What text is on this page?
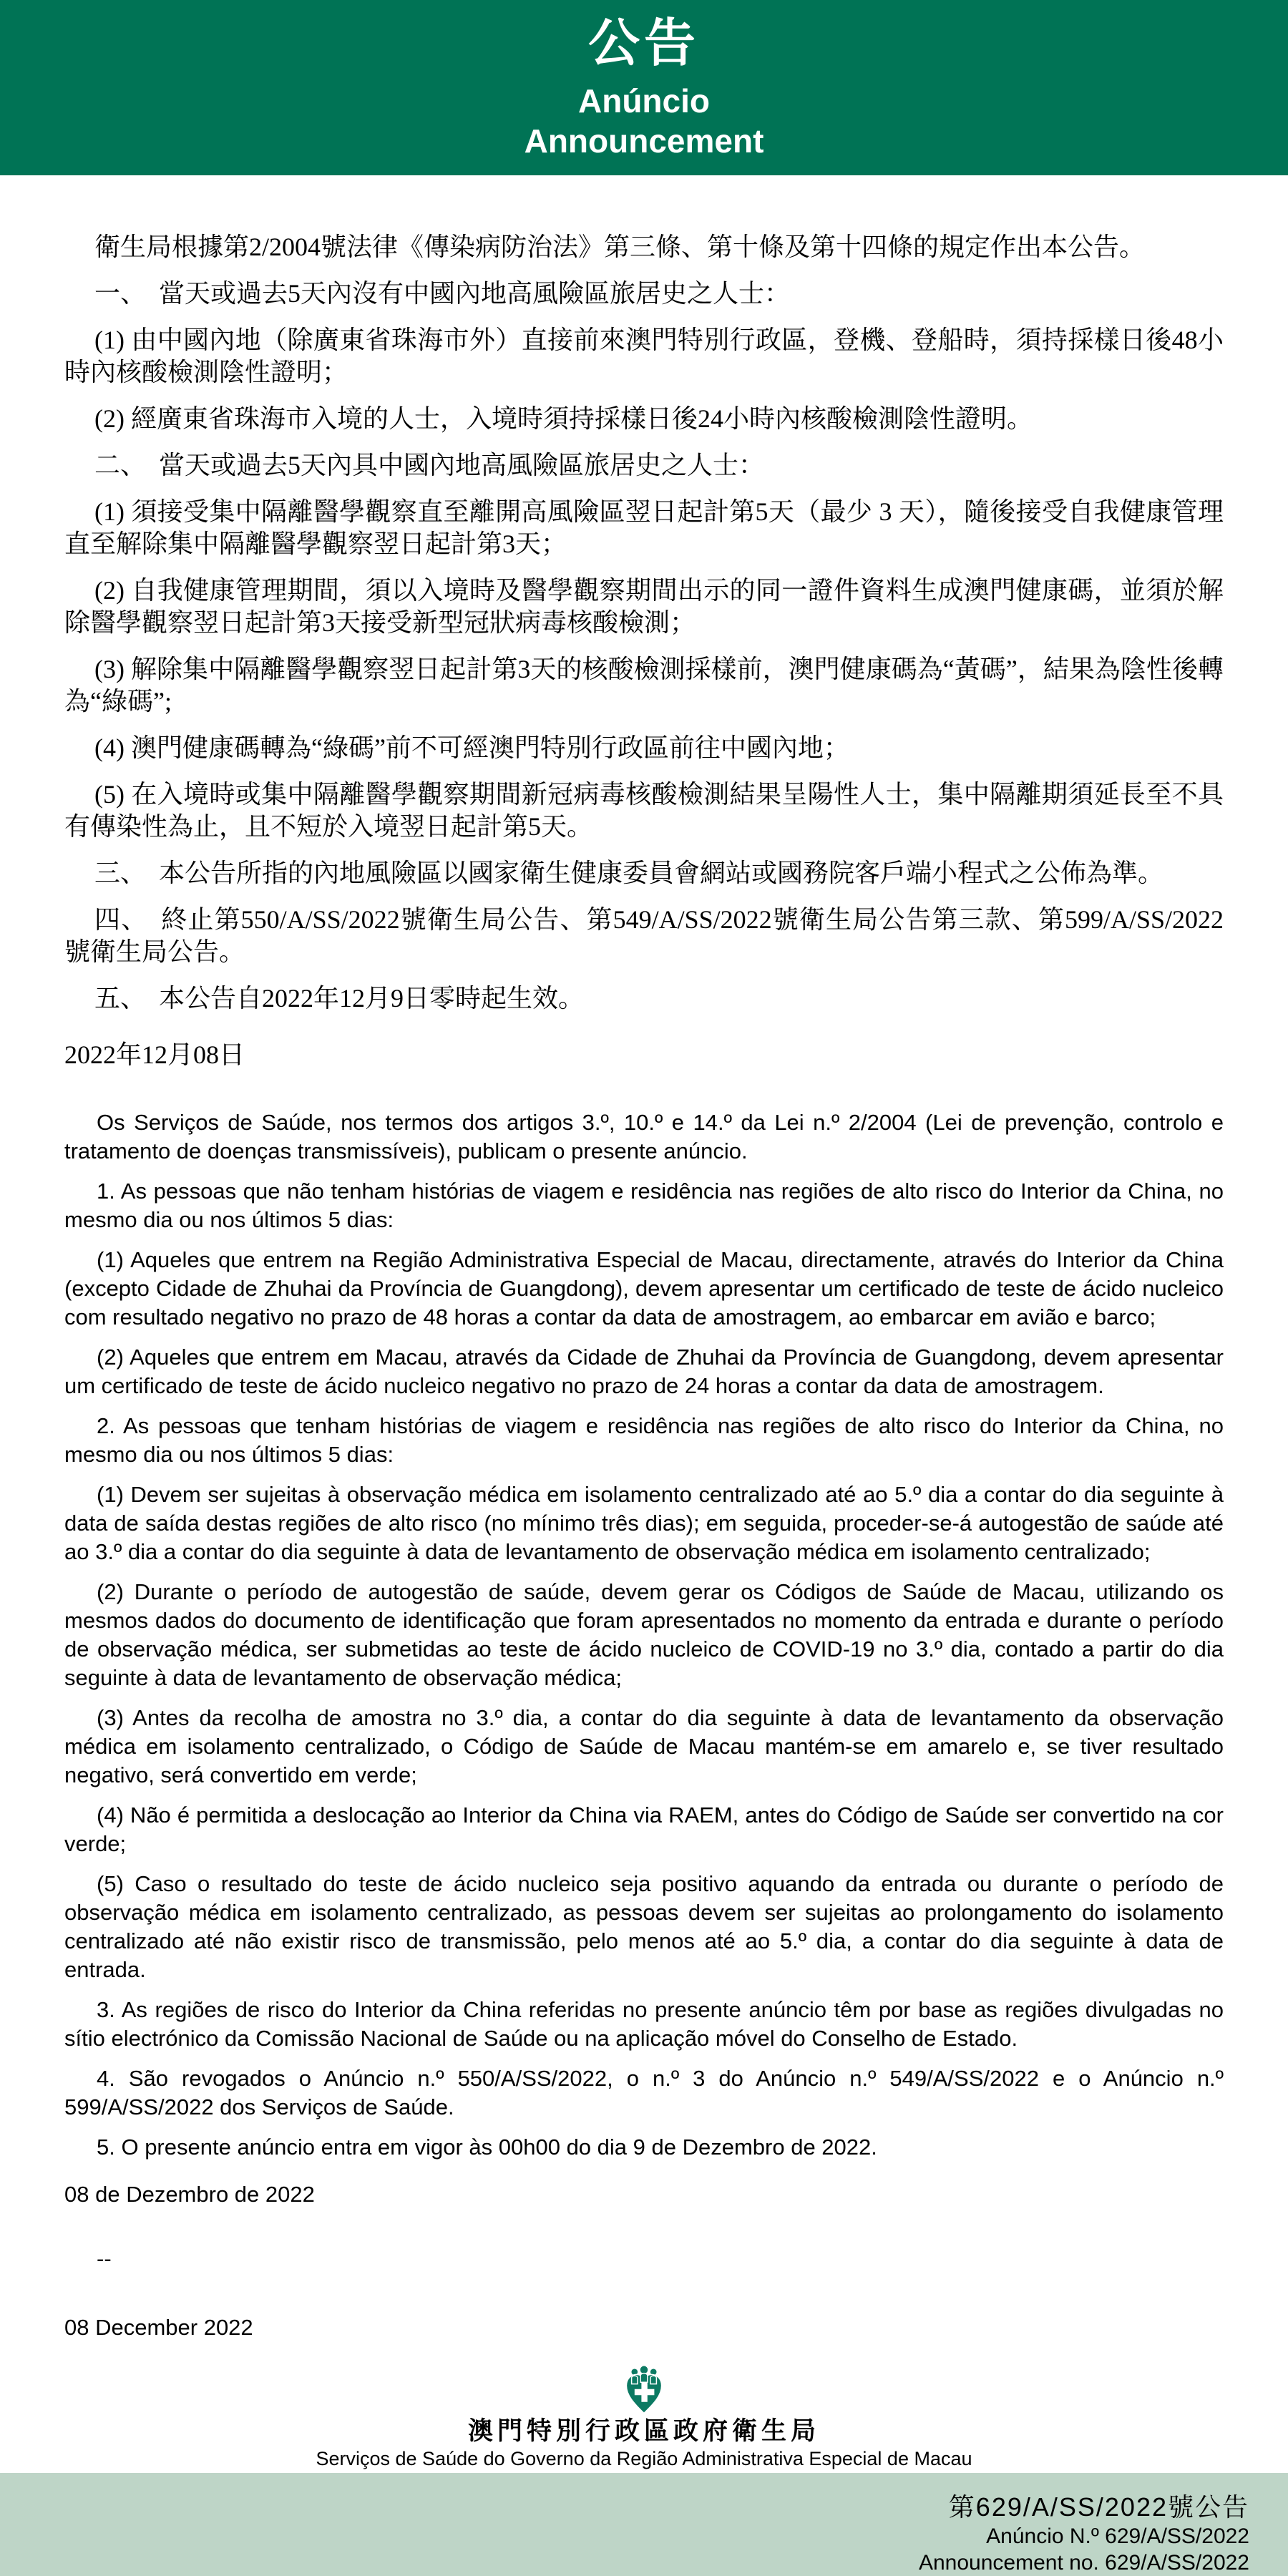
公告
Anúncio
Announcement

衛生局根據第2/2004號法律《傳染病防治法》第三條、第十條及第十四條的規定作出本公告。

一、　當天或過去5天內沒有中國內地高風險區旅居史之人士：

(1) 由中國內地（除廣東省珠海市外）直接前來澳門特別行政區，登機、登船時，須持採樣日後48小時內核酸檢測陰性證明；

(2) 經廣東省珠海市入境的人士，入境時須持採樣日後24小時內核酸檢測陰性證明。

二、　當天或過去5天內具中國內地高風險區旅居史之人士：

(1) 須接受集中隔離醫學觀察直至離開高風險區翌日起計第5天（最少 3 天），隨後接受自我健康管理直至解除集中隔離醫學觀察翌日起計第3天；

(2) 自我健康管理期間，須以入境時及醫學觀察期間出示的同一證件資料生成澳門健康碼，並須於解除醫學觀察翌日起計第3天接受新型冠狀病毒核酸檢測；

(3) 解除集中隔離醫學觀察翌日起計第3天的核酸檢測採樣前，澳門健康碼為“黃碼”，結果為陰性後轉為“綠碼”;

(4) 澳門健康碼轉為“綠碼”前不可經澳門特別行政區前往中國內地；

(5) 在入境時或集中隔離醫學觀察期間新冠病毒核酸檢測結果呈陽性人士，集中隔離期須延長至不具有傳染性為止，且不短於入境翌日起計第5天。

三、　本公告所指的內地風險區以國家衛生健康委員會網站或國務院客戶端小程式之公佈為準。

四、　終止第550/A/SS/2022號衛生局公告、第549/A/SS/2022號衛生局公告第三款、第599/A/SS/2022號衛生局公告。

五、　本公告自2022年12月9日零時起生效。

2022年12月08日

Os Serviços de Saúde, nos termos dos artigos 3.º, 10.º e 14.º da Lei n.º 2/2004 (Lei de prevenção, controlo e tratamento de doenças transmissíveis), publicam o presente anúncio.

1. As pessoas que não tenham histórias de viagem e residência nas regiões de alto risco do Interior da China, no mesmo dia ou nos últimos 5 dias:

(1) Aqueles que entrem na Região Administrativa Especial de Macau, directamente, através do Interior da China (excepto Cidade de Zhuhai da Província de Guangdong), devem apresentar um certificado de teste de ácido nucleico com resultado negativo no prazo de 48 horas a contar da data de amostragem, ao embarcar em avião e barco;

(2) Aqueles que entrem em Macau, através da Cidade de Zhuhai da Província de Guangdong, devem apresentar um certificado de teste de ácido nucleico negativo no prazo de 24 horas a contar da data de amostragem.

2. As pessoas que tenham histórias de viagem e residência nas regiões de alto risco do Interior da China, no mesmo dia ou nos últimos 5 dias:

(1) Devem ser sujeitas à observação médica em isolamento centralizado até ao 5.º dia a contar do dia seguinte à data de saída destas regiões de alto risco (no mínimo três dias); em seguida, proceder-se-á autogestão de saúde até ao 3.º dia a contar do dia seguinte à data de levantamento de observação médica em isolamento centralizado;

(2) Durante o período de autogestão de saúde, devem gerar os Códigos de Saúde de Macau, utilizando os mesmos dados do documento de identificação que foram apresentados no momento da entrada e durante o período de observação médica, ser submetidas ao teste de ácido nucleico de COVID-19 no 3.º dia, contado a partir do dia seguinte à data de levantamento de observação médica;

(3) Antes da recolha de amostra no 3.º dia, a contar do dia seguinte à data de levantamento da observação médica em isolamento centralizado, o Código de Saúde de Macau mantém-se em amarelo e, se tiver resultado negativo, será convertido em verde;

(4) Não é permitida a deslocação ao Interior da China via RAEM, antes do Código de Saúde ser convertido na cor verde;

(5) Caso o resultado do teste de ácido nucleico seja positivo aquando da entrada ou durante o período de observação médica em isolamento centralizado, as pessoas devem ser sujeitas ao prolongamento do isolamento centralizado até não existir risco de transmissão, pelo menos até ao 5.º dia, a contar do dia seguinte à data de entrada.

3. As regiões de risco do Interior da China referidas no presente anúncio têm por base as regiões divulgadas no sítio electrónico da Comissão Nacional de Saúde ou na aplicação móvel do Conselho de Estado.

4. São revogados o Anúncio n.º 550/A/SS/2022, o n.º 3 do Anúncio n.º 549/A/SS/2022 e o Anúncio n.º 599/A/SS/2022 dos Serviços de Saúde.

5. O presente anúncio entra em vigor às 00h00 do dia 9 de Dezembro de 2022.

08 de Dezembro de 2022
--
08 December 2022
澳門特別行政區政府衛生局
Serviços de Saúde do Governo da Região Administrativa Especial de Macau
第629/A/SS/2022號公告
Anúncio N.º 629/A/SS/2022
Announcement no. 629/A/SS/2022
